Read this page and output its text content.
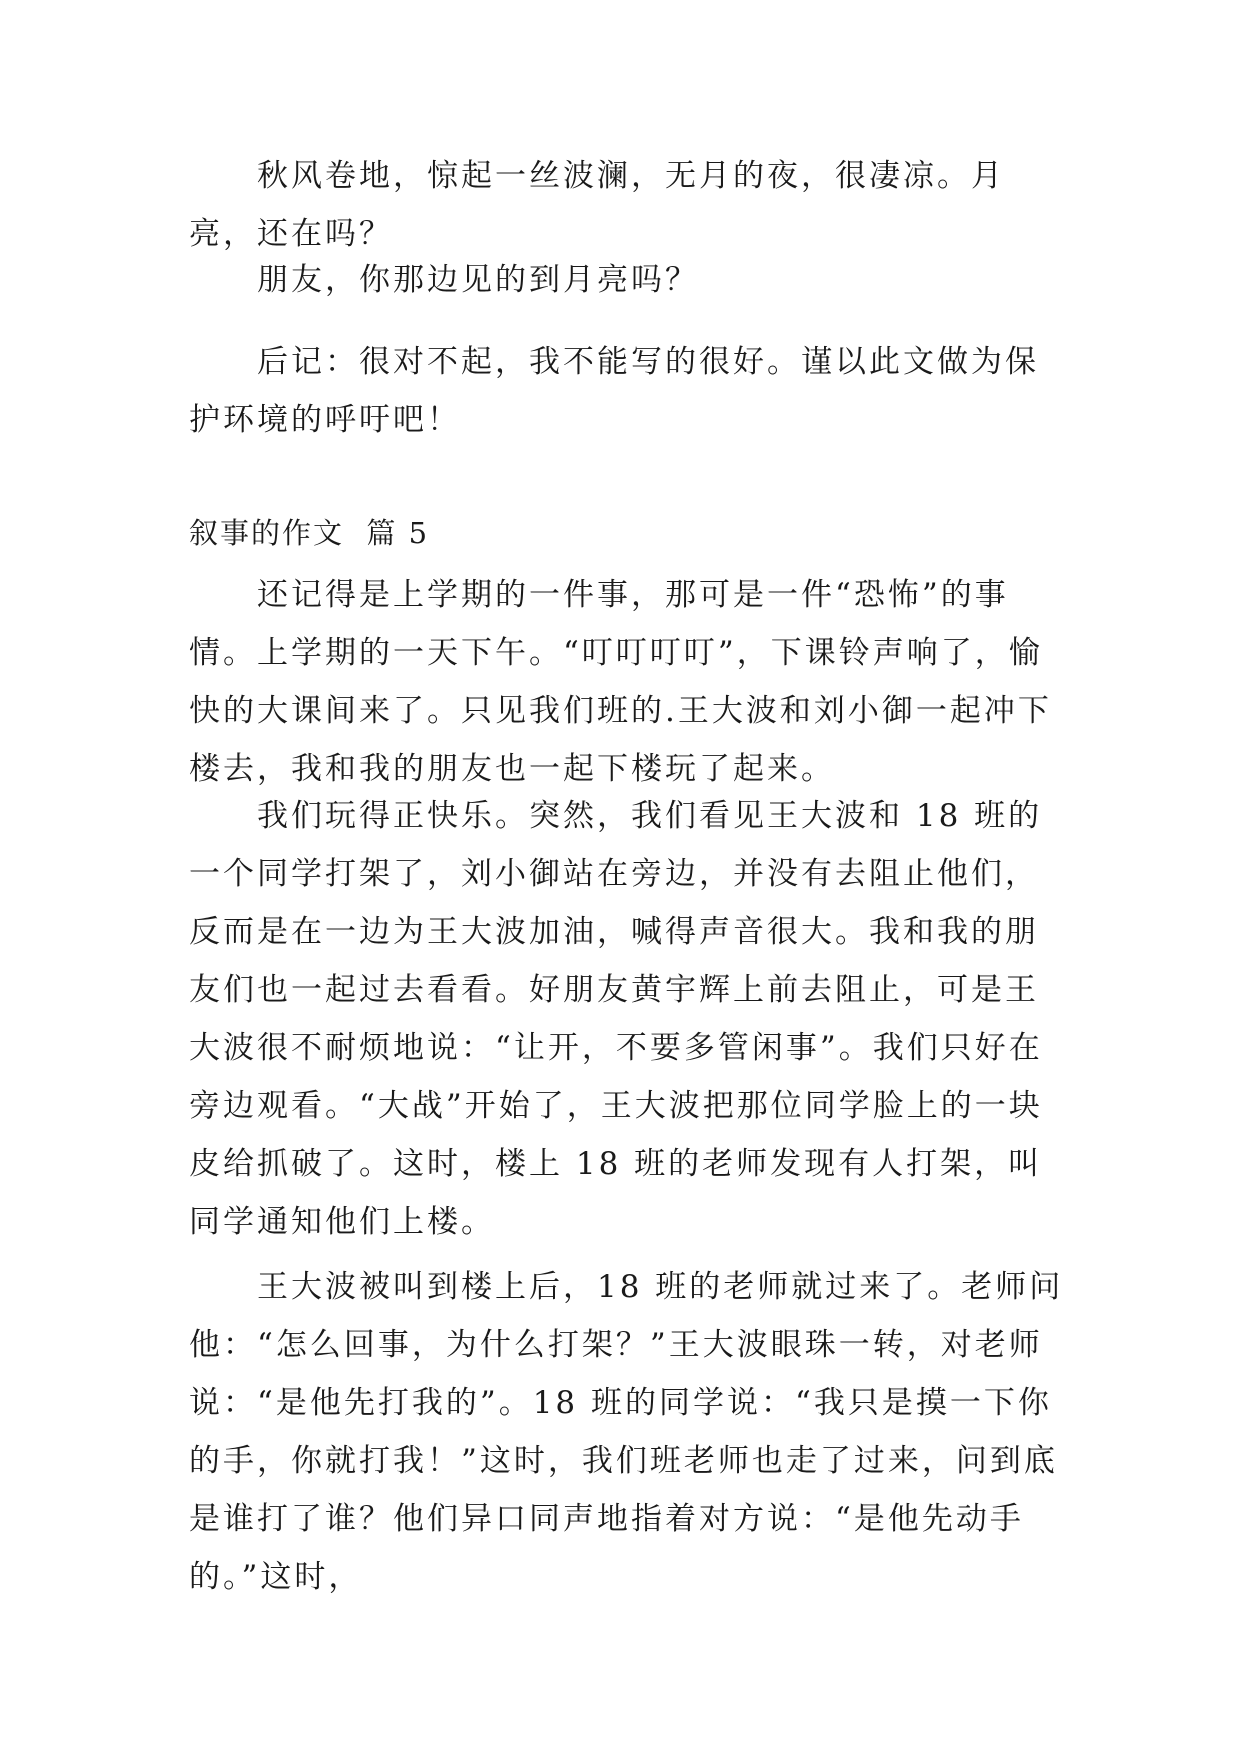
秋风卷地，惊起一丝波澜，无月的夜，很凄凉。月亮，还在吗？

朋友，你那边见的到月亮吗？

后记：很对不起，我不能写的很好。谨以此文做为保护环境的呼吁吧！

叙事的作文  篇 5

还记得是上学期的一件事，那可是一件“恐怖”的事情。 上学期的一天下午。“叮叮叮叮”，下课铃声响了，愉快的大课间来了。只见我们班的.王大波和刘小御一起冲下楼去，我和我的朋友也一起下楼玩了起来。

我们玩得正快乐。突然，我们看见王大波和 18 班的一个同学打架了，刘小御站在旁边，并没有去阻止他们，反而是在一边为王大波加油，喊得声音很大。我和我的朋友们也一起过去看看。好朋友黄宇辉上前去阻止，可是王大波很不耐烦地说：“让开，不要多管闲事”。我们只好在旁边观看。“大战”开始了，王大波把那位同学脸上的一块皮给抓破了。这时，楼上 18 班的老师发现有人打架，叫同学通知他们上楼。

王大波被叫到楼上后，18 班的老师就过来了。老师问他：“怎么回事，为什么打架？”王大波眼珠一转，对老师说：“是他先打我的”。18 班的同学说：“我只是摸一下你的手，你就打我！”这时，我们班老师也走了过来，问到底是谁打了谁？他们异口同声地指着对方说：“是他先动手的。”这时，
